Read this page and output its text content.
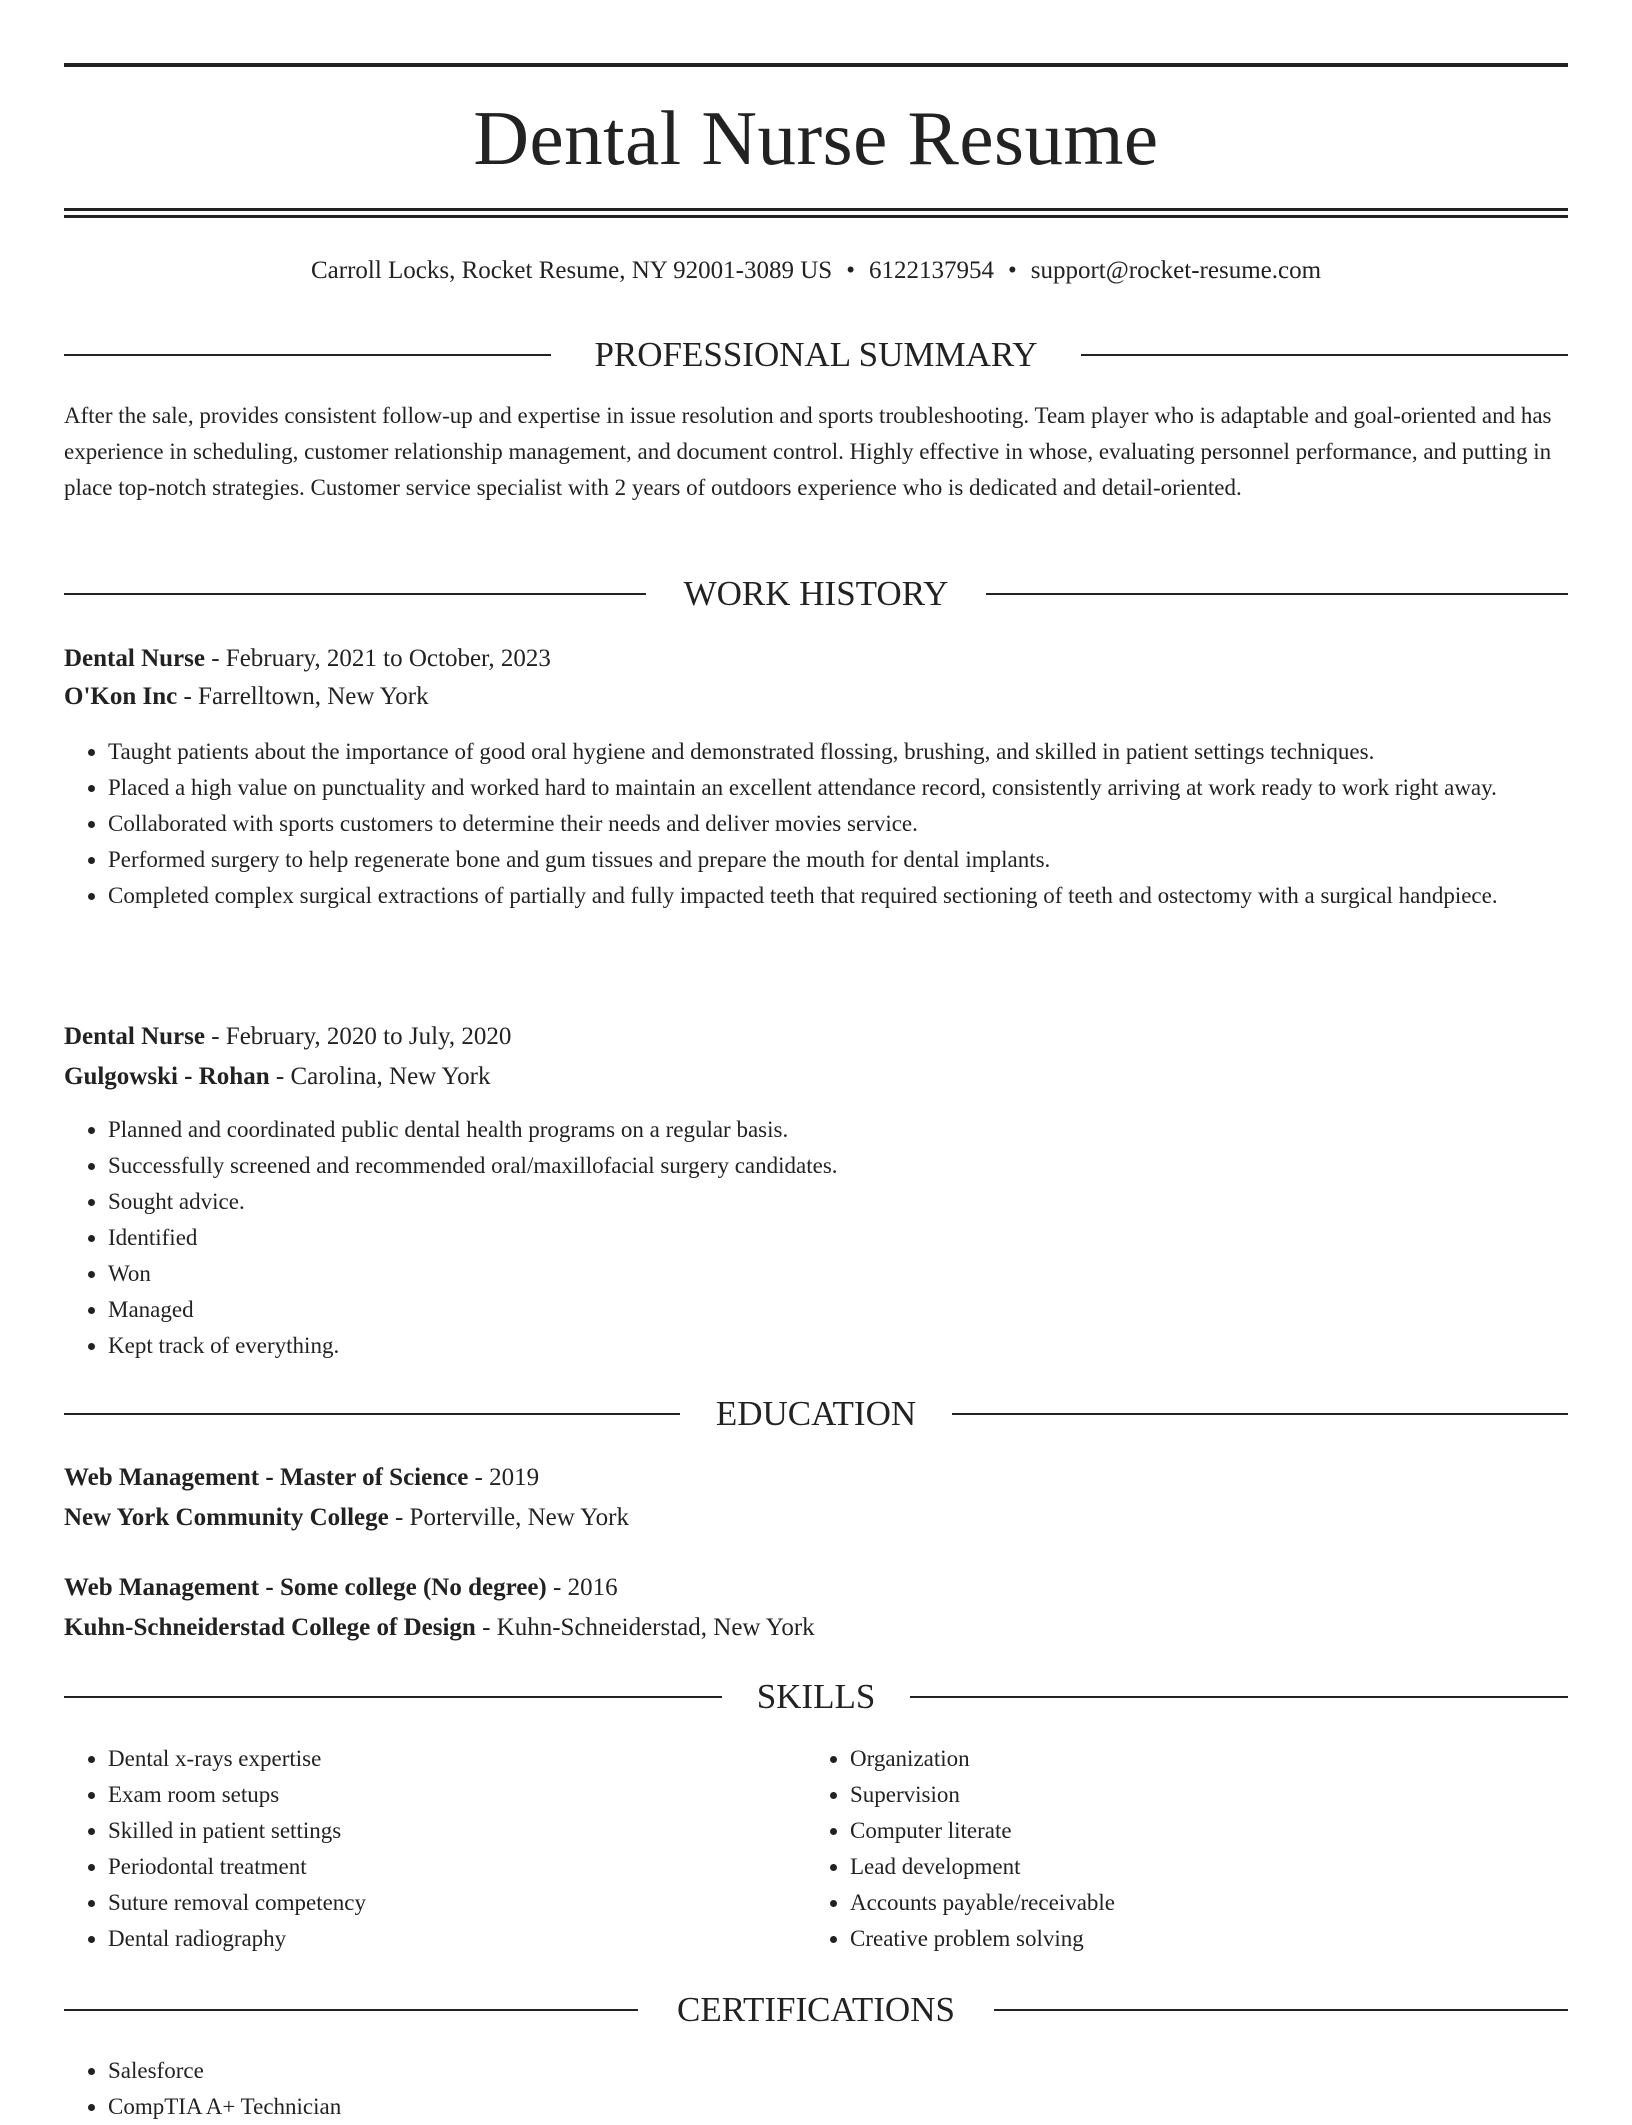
Dental Nurse Resume
Carroll Locks, Rocket Resume, NY 92001-3089 US • 6122137954 • support@rocket-resume.com
PROFESSIONAL SUMMARY
After the sale, provides consistent follow-up and expertise in issue resolution and sports troubleshooting. Team player who is adaptable and goal-oriented and has experience in scheduling, customer relationship management, and document control. Highly effective in whose, evaluating personnel performance, and putting in place top-notch strategies. Customer service specialist with 2 years of outdoors experience who is dedicated and detail-oriented.
WORK HISTORY
Dental Nurse - February, 2021 to October, 2023
O'Kon Inc - Farrelltown, New York
• Taught patients about the importance of good oral hygiene and demonstrated flossing, brushing, and skilled in patient settings techniques.
• Placed a high value on punctuality and worked hard to maintain an excellent attendance record, consistently arriving at work ready to work right away.
• Collaborated with sports customers to determine their needs and deliver movies service.
• Performed surgery to help regenerate bone and gum tissues and prepare the mouth for dental implants.
• Completed complex surgical extractions of partially and fully impacted teeth that required sectioning of teeth and ostectomy with a surgical handpiece.
Dental Nurse - February, 2020 to July, 2020
Gulgowski - Rohan - Carolina, New York
• Planned and coordinated public dental health programs on a regular basis.
• Successfully screened and recommended oral/maxillofacial surgery candidates.
• Sought advice.
• Identified
• Won
• Managed
• Kept track of everything.
EDUCATION
Web Management - Master of Science - 2019
New York Community College - Porterville, New York
Web Management - Some college (No degree) - 2016
Kuhn-Schneiderstad College of Design - Kuhn-Schneiderstad, New York
SKILLS
• Dental x-rays expertise
• Exam room setups
• Skilled in patient settings
• Periodontal treatment
• Suture removal competency
• Dental radiography
• Organization
• Supervision
• Computer literate
• Lead development
• Accounts payable/receivable
• Creative problem solving
CERTIFICATIONS
• Salesforce
• CompTIA A+ Technician
